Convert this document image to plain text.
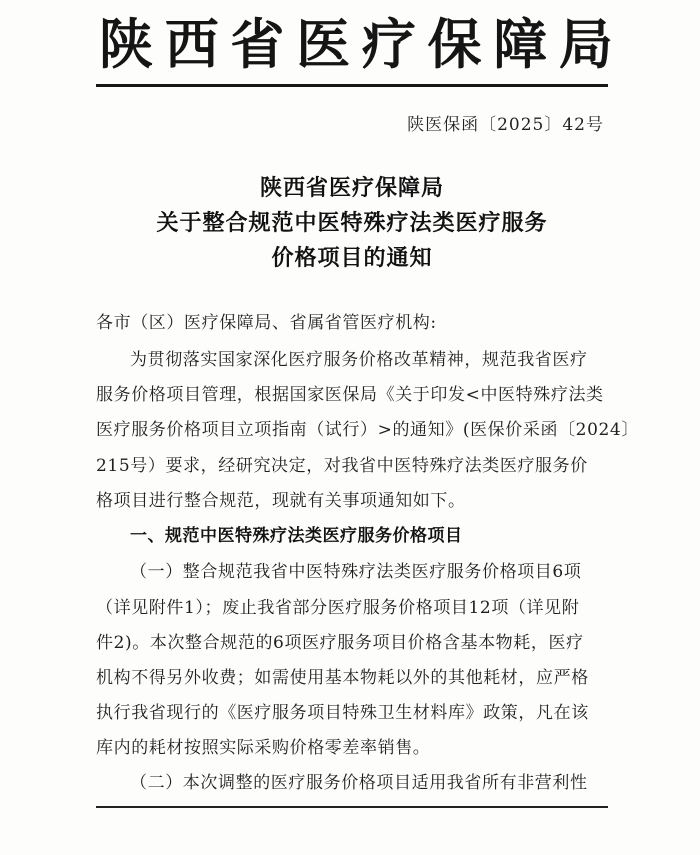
陕 西 省 医 疗 保 障 局
陕医保函〔2025〕42号
陕西省医疗保障局
关于整合规范中医特殊疗法类医疗服务
价格项目的通知
各市（区）医疗保障局、省属省管医疗机构:
为贯彻落实国家深化医疗服务价格改革精神，规范我省医疗
服务价格项目管理，根据国家医保局《关于印发<中医特殊疗法类
医疗服务价格项目立项指南（试行）>的通知》(医保价采函〔2024〕
215号）要求，经研究决定，对我省中医特殊疗法类医疗服务价
格项目进行整合规范，现就有关事项通知如下。
一、规范中医特殊疗法类医疗服务价格项目
（一）整合规范我省中医特殊疗法类医疗服务价格项目6项
（详见附件1）；废止我省部分医疗服务价格项目12项（详见附
件2)。本次整合规范的6项医疗服务项目价格含基本物耗，医疗
机构不得另外收费；如需使用基本物耗以外的其他耗材，应严格
执行我省现行的《医疗服务项目特殊卫生材料库》政策，凡在该
库内的耗材按照实际采购价格零差率销售。
（二）本次调整的医疗服务价格项目适用我省所有非营利性
